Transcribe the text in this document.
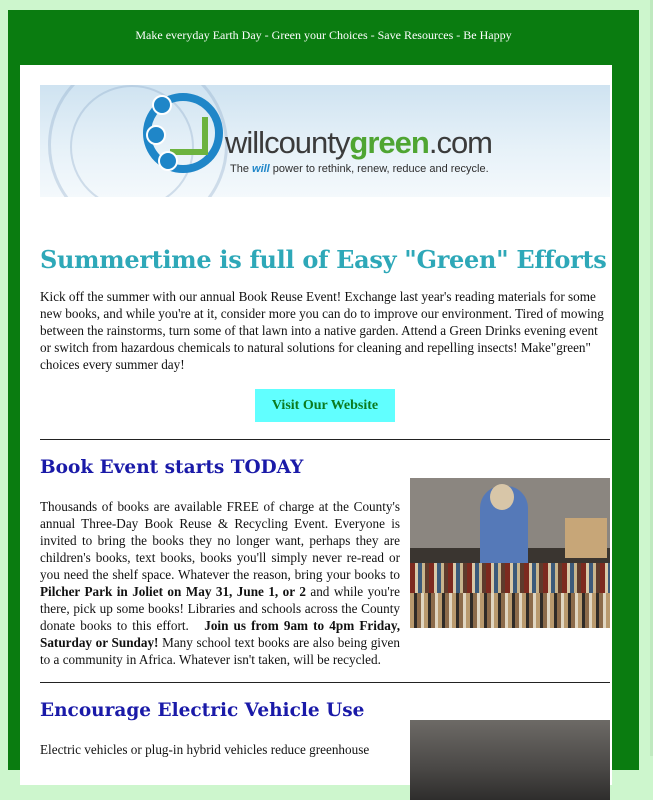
Make everyday Earth Day - Green your Choices - Save Resources - Be Happy
willcountygreen.com
The will power to rethink, renew, reduce and recycle.
Summertime is full of Easy "Green" Efforts
Kick off the summer with our annual Book Reuse Event! Exchange last year's reading materials for some new books, and while you're at it, consider more you can do to improve our environment. Tired of mowing between the rainstorms, turn some of that lawn into a native garden. Attend a Green Drinks evening event or switch from hazardous chemicals to natural solutions for cleaning and repelling insects! Make"green" choices every summer day!
Visit Our Website
Book Event starts TODAY
Thousands of books are available FREE of charge at the County's annual Three-Day Book Reuse & Recycling Event. Everyone is invited to bring the books they no longer want, perhaps they are children's books, text books, books you'll simply never re-read or you need the shelf space. Whatever the reason, bring your books to Pilcher Park in Joliet on May 31, June 1, or 2 and while you're there, pick up some books! Libraries and schools across the County donate books to this effort. Join us from 9am to 4pm Friday, Saturday or Sunday! Many school text books are also being given to a community in Africa. Whatever isn't taken, will be recycled.
Encourage Electric Vehicle Use
Electric vehicles or plug-in hybrid vehicles reduce greenhouse
